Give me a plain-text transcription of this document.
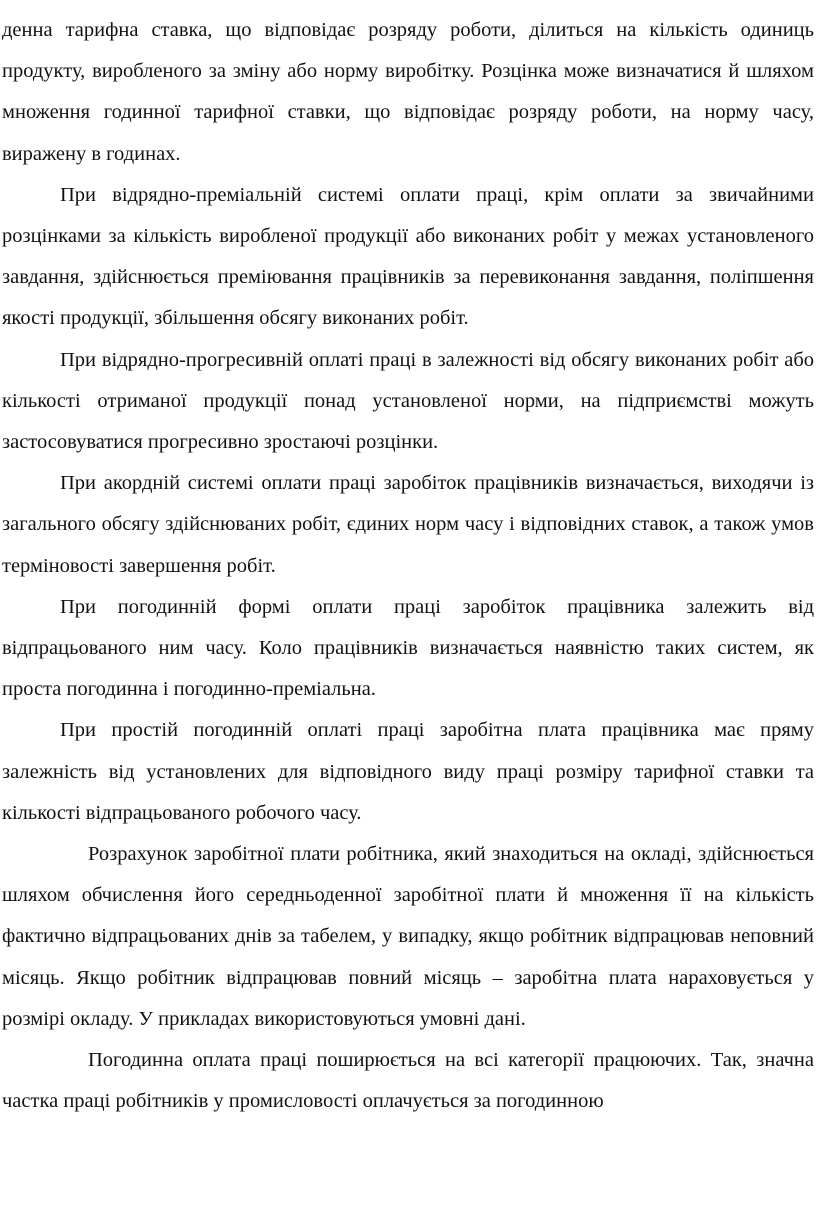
денна тарифна ставка, що відповідає розряду роботи, ділиться на кількість одиниць продукту, виробленого за зміну або норму виробітку. Розцінка може визначатися й шляхом множення годинної тарифної ставки, що відповідає розряду роботи, на норму часу, виражену в годинах.

При відрядно-преміальній системі оплати праці, крім оплати за звичайними розцінками за кількість виробленої продукції або виконаних робіт у межах установленого завдання, здійснюється преміювання працівників за перевиконання завдання, поліпшення якості продукції, збільшення обсягу виконаних робіт.

При відрядно-прогресивній оплаті праці в залежності від обсягу виконаних робіт або кількості отриманої продукції понад установленої норми, на підприємстві можуть застосовуватися прогресивно зростаючі розцінки.

При акордній системі оплати праці заробіток працівників визначається, виходячи із загального обсягу здійснюваних робіт, єдиних норм часу і відповідних ставок, а також умов терміновості завершення робіт.

При погодинній формі оплати праці заробіток працівника залежить від відпрацьованого ним часу. Коло працівників визначається наявністю таких систем, як проста погодинна і погодинно-преміальна.

При простій погодинній оплаті праці заробітна плата працівника має пряму залежність від установлених для відповідного виду праці розміру тарифної ставки та кількості відпрацьованого робочого часу.

Розрахунок заробітної плати робітника, який знаходиться на окладі, здійснюється шляхом обчислення його середньоденної заробітної плати й множення її на кількість фактично відпрацьованих днів за табелем, у випадку, якщо робітник відпрацював неповний місяць. Якщо робітник відпрацював повний місяць – заробітна плата нараховується у розмірі окладу. У прикладах використовуються умовні дані.

Погодинна оплата праці поширюється на всі категорії працюючих. Так, значна частка праці робітників у промисловості оплачується за погодинною
